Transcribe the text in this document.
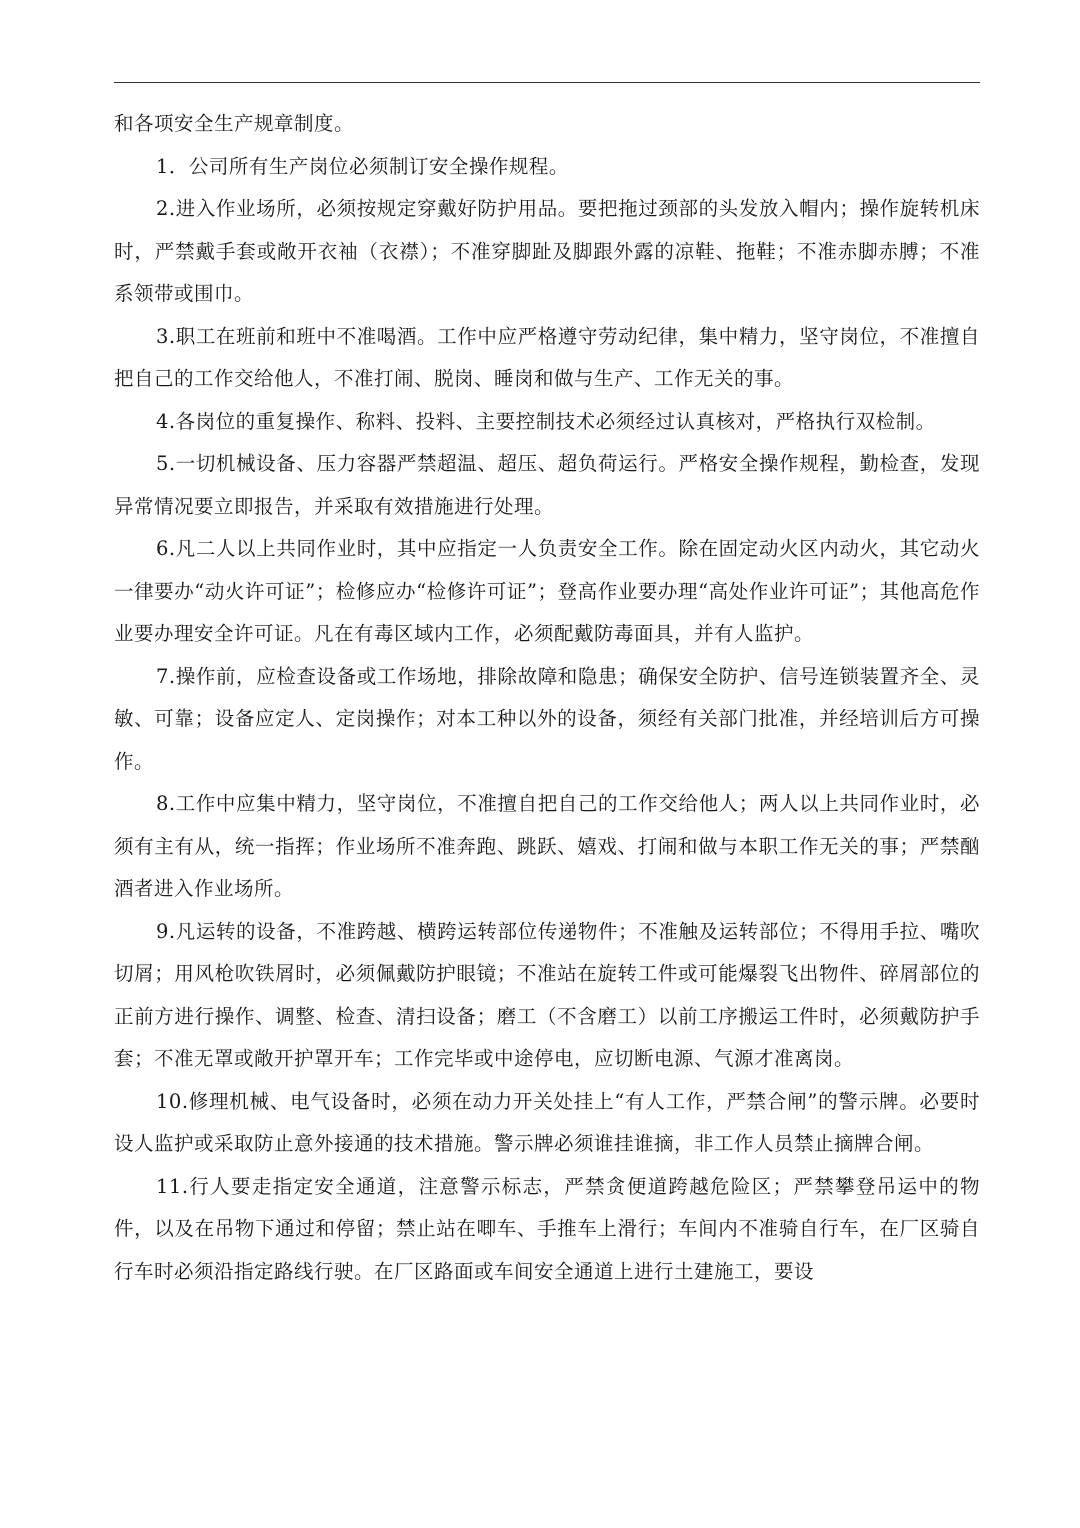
和各项安全生产规章制度。

1．公司所有生产岗位必须制订安全操作规程。

2.进入作业场所，必须按规定穿戴好防护用品。要把拖过颈部的头发放入帽内；操作旋转机床时，严禁戴手套或敞开衣袖（衣襟）；不准穿脚趾及脚跟外露的凉鞋、拖鞋；不准赤脚赤膊；不准系领带或围巾。

3.职工在班前和班中不准喝酒。工作中应严格遵守劳动纪律，集中精力，坚守岗位，不准擅自把自己的工作交给他人，不准打闹、脱岗、睡岗和做与生产、工作无关的事。

4.各岗位的重复操作、称料、投料、主要控制技术必须经过认真核对，严格执行双检制。

5.一切机械设备、压力容器严禁超温、超压、超负荷运行。严格安全操作规程，勤检查，发现异常情况要立即报告，并采取有效措施进行处理。

6.凡二人以上共同作业时，其中应指定一人负责安全工作。除在固定动火区内动火，其它动火一律要办“动火许可证”；检修应办“检修许可证”；登高作业要办理“高处作业许可证”；其他高危作业要办理安全许可证。凡在有毒区域内工作，必须配戴防毒面具，并有人监护。

7.操作前，应检查设备或工作场地，排除故障和隐患；确保安全防护、信号连锁装置齐全、灵敏、可靠；设备应定人、定岗操作；对本工种以外的设备，须经有关部门批准，并经培训后方可操作。

8.工作中应集中精力，坚守岗位，不准擅自把自己的工作交给他人；两人以上共同作业时，必须有主有从，统一指挥；作业场所不准奔跑、跳跃、嬉戏、打闹和做与本职工作无关的事；严禁酗酒者进入作业场所。

9.凡运转的设备，不准跨越、横跨运转部位传递物件；不准触及运转部位；不得用手拉、嘴吹切屑；用风枪吹铁屑时，必须佩戴防护眼镜；不准站在旋转工件或可能爆裂飞出物件、碎屑部位的正前方进行操作、调整、检查、清扫设备；磨工（不含磨工）以前工序搬运工件时，必须戴防护手套；不准无罩或敞开护罩开车；工作完毕或中途停电，应切断电源、气源才准离岗。

10.修理机械、电气设备时，必须在动力开关处挂上“有人工作，严禁合闸”的警示牌。必要时设人监护或采取防止意外接通的技术措施。警示牌必须谁挂谁摘，非工作人员禁止摘牌合闸。

11.行人要走指定安全通道，注意警示标志，严禁贪便道跨越危险区；严禁攀登吊运中的物件，以及在吊物下通过和停留；禁止站在唧车、手推车上滑行；车间内不准骑自行车，在厂区骑自行车时必须沿指定路线行驶。在厂区路面或车间安全通道上进行土建施工，要设
